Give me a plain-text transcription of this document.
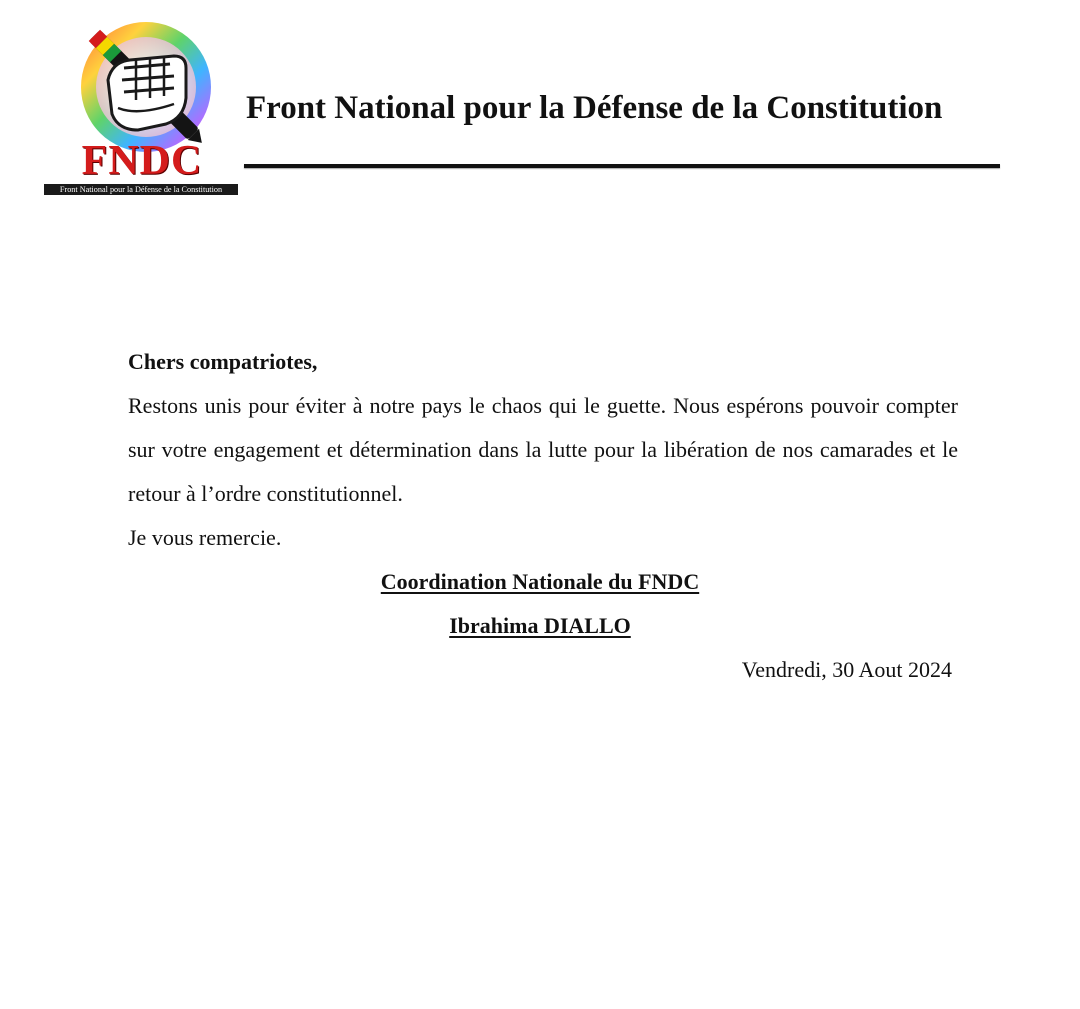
FNDC
Front National pour la Défense de la Constitution
Front National pour la Défense de la Constitution

Chers compatriotes,

Restons unis pour éviter à notre pays le chaos qui le guette. Nous espérons pouvoir compter sur votre engagement et détermination dans la lutte pour la libération de nos camarades et le retour à l’ordre constitutionnel.

Je vous remercie.

Coordination Nationale du FNDC

Ibrahima DIALLO

Vendredi, 30 Aout 2024
